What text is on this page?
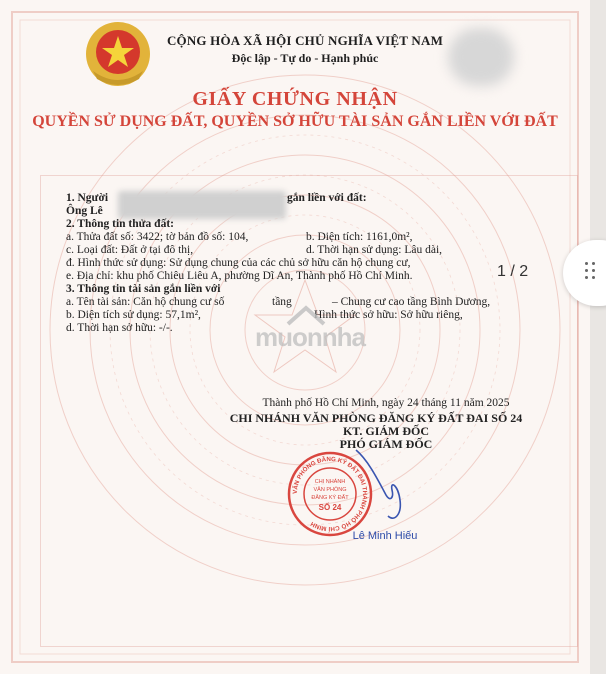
CỘNG HÒA XÃ HỘI CHỦ NGHĨA VIỆT NAM
Độc lập - Tự do - Hạnh phúc
GIẤY CHỨNG NHẬN
QUYỀN SỬ DỤNG ĐẤT, QUYỀN SỞ HỮU TÀI SẢN GẮN LIỀN VỚI ĐẤT
1. Người	gắn liền với đất:
Ông Lê
2. Thông tin thửa đất:
a. Thửa đất số: 3422; tờ bản đồ số: 104,	b. Diện tích: 1161,0m²,
c. Loại đất: Đất ở tại đô thị,	d. Thời hạn sử dụng: Lâu dài,
đ. Hình thức sử dụng: Sử dụng chung của các chủ sở hữu căn hộ chung cư,
e. Địa chỉ: khu phố Chiêu Liêu A, phường Dĩ An, Thành phố Hồ Chí Minh.
3. Thông tin tài sản gắn liền với
a. Tên tài sản: Căn hộ chung cư số	tầng	– Chung cư cao tầng Bình Dương,
b. Diện tích sử dụng: 57,1m²,	Hình thức sở hữu: Sở hữu riêng,
d. Thời hạn sở hữu: -/-.	muonnha
Thành phố Hồ Chí Minh, ngày 24 tháng 11 năm 2025
CHI NHÁNH VĂN PHÒNG ĐĂNG KÝ ĐẤT ĐAI SỐ 24
KT. GIÁM ĐỐC
PHÓ GIÁM ĐỐC
VĂN PHÒNG ĐĂNG KÝ ĐẤT ĐAI THÀNH PHỐ HỒ CHÍ MINH
CHI NHÁNH
VĂN PHÒNG
ĐĂNG KÝ ĐẤT
SỐ 24
Lê Minh Hiếu
1 / 2
